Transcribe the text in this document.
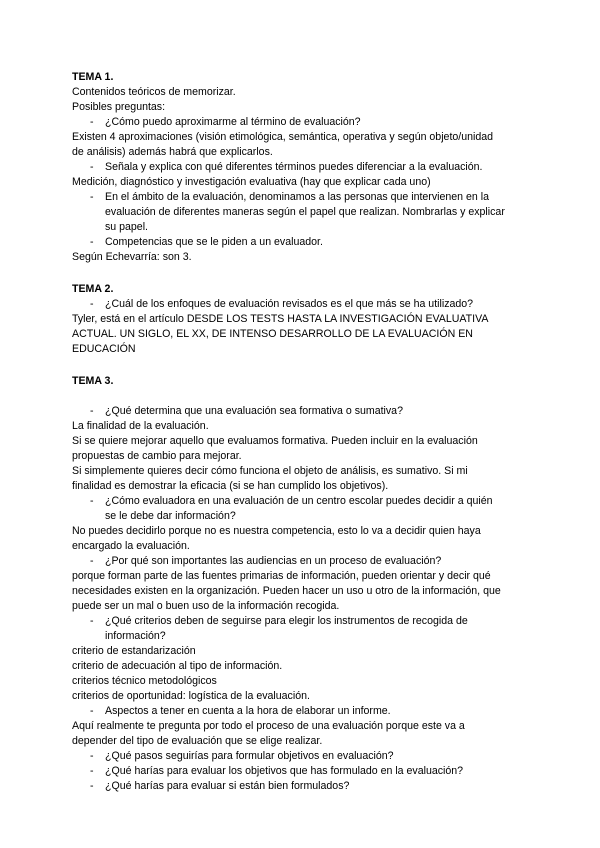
TEMA 1.
Contenidos teóricos de memorizar.
Posibles preguntas:
- ¿Cómo puedo aproximarme al término de evaluación?
Existen 4 aproximaciones (visión etimológica, semántica, operativa y según objeto/unidad
de análisis) además habrá que explicarlos.
- Señala y explica con qué diferentes términos puedes diferenciar a la evaluación.
Medición, diagnóstico y investigación evaluativa (hay que explicar cada uno)
- En el ámbito de la evaluación, denominamos a las personas que intervienen en la
evaluación de diferentes maneras según el papel que realizan. Nombrarlas y explicar
su papel.
- Competencias que se le piden a un evaluador.
Según Echevarría: son 3.
TEMA 2.
- ¿Cuál de los enfoques de evaluación revisados es el que más se ha utilizado?
Tyler, está en el artículo DESDE LOS TESTS HASTA LA INVESTIGACIÓN EVALUATIVA
ACTUAL. UN SIGLO, EL XX, DE INTENSO DESARROLLO DE LA EVALUACIÓN EN
EDUCACIÓN
TEMA 3.
- ¿Qué determina que una evaluación sea formativa o sumativa?
La finalidad de la evaluación.
Si se quiere mejorar aquello que evaluamos formativa. Pueden incluir en la evaluación
propuestas de cambio para mejorar.
Si simplemente quieres decir cómo funciona el objeto de análisis, es sumativo. Si mi
finalidad es demostrar la eficacia (si se han cumplido los objetivos).
- ¿Cómo evaluadora en una evaluación de un centro escolar puedes decidir a quién
se le debe dar información?
No puedes decidirlo porque no es nuestra competencia, esto lo va a decidir quien haya
encargado la evaluación.
- ¿Por qué son importantes las audiencias en un proceso de evaluación?
porque forman parte de las fuentes primarias de información, pueden orientar y decir qué
necesidades existen en la organización. Pueden hacer un uso u otro de la información, que
puede ser un mal o buen uso de la información recogida.
- ¿Qué criterios deben de seguirse para elegir los instrumentos de recogida de
información?
criterio de estandarización
criterio de adecuación al tipo de información.
criterios técnico metodológicos
criterios de oportunidad: logística de la evaluación.
- Aspectos a tener en cuenta a la hora de elaborar un informe.
Aquí realmente te pregunta por todo el proceso de una evaluación porque este va a
depender del tipo de evaluación que se elige realizar.
- ¿Qué pasos seguirías para formular objetivos en evaluación?
- ¿Qué harías para evaluar los objetivos que has formulado en la evaluación?
- ¿Qué harías para evaluar si están bien formulados?
